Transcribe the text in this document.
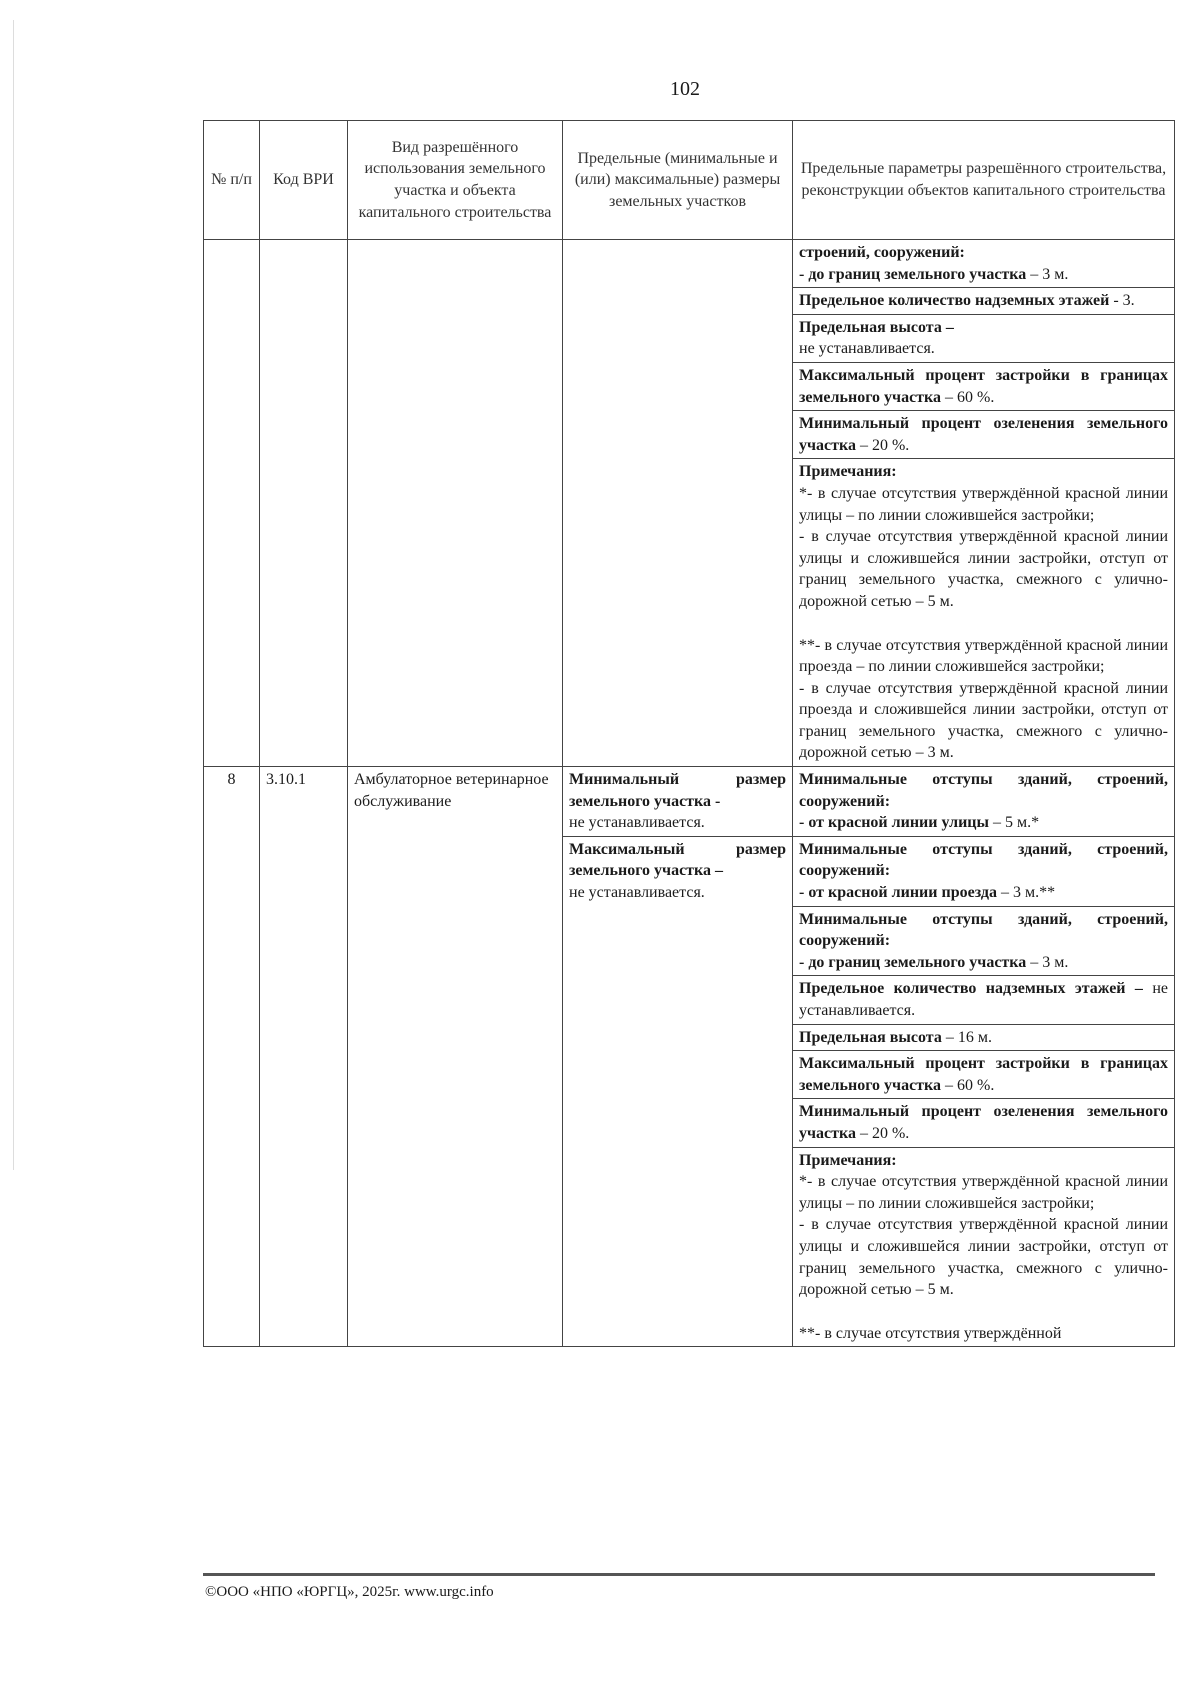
102
№ п/п	Код ВРИ	Вид разрешённого использования земельного участка и объекта капитального строительства	Предельные (минимальные и (или) максимальные) размеры земельных участков	Предельные параметры разрешённого строительства, реконструкции объектов капитального строительства

				строений, сооружений:
- до границ земельного участка – 3 м.
				Предельное количество надземных этажей - 3.

				Предельная высота –
не устанавливается.
				Максимальный процент застройки в границах земельного участка – 60 %.
				Минимальный процент озеленения земельного участка – 20 %.

				Примечания:
*- в случае отсутствия утверждённой красной линии улицы – по линии сложившейся застройки;
- в случае отсутствия утверждённой красной линии улицы и сложившейся линии застройки, отступ от границ земельного участка, смежного с улично-дорожной сетью – 5 м.
**- в случае отсутствия утверждённой красной линии проезда – по линии сложившейся застройки;
- в случае отсутствия утверждённой красной линии проезда и сложившейся линии застройки, отступ от границ земельного участка, смежного с улично-дорожной сетью – 3 м.

8	3.10.1	Амбулаторное ветеринарное обслуживание	Минимальный размер земельного участка -
не устанавливается.	Минимальные отступы зданий, строений, сооружений:
- от красной линии улицы – 5 м.*
			Максимальный размер земельного участка –
не устанавливается.	Минимальные отступы зданий, строений, сооружений:
- от красной линии проезда – 3 м.**

				Минимальные отступы зданий, строений, сооружений:
- до границ земельного участка – 3 м.
				Предельное количество надземных этажей – не устанавливается.
				Предельная высота – 16 м.
				Максимальный процент застройки в границах земельного участка – 60 %.
				Минимальный процент озеленения земельного участка – 20 %.

				Примечания:
*- в случае отсутствия утверждённой красной линии улицы – по линии сложившейся застройки;
- в случае отсутствия утверждённой красной линии улицы и сложившейся линии застройки, отступ от границ земельного участка, смежного с улично-дорожной сетью – 5 м.
**- в случае отсутствия утверждённой
©ООО «НПО «ЮРГЦ», 2025г. www.urgc.info
